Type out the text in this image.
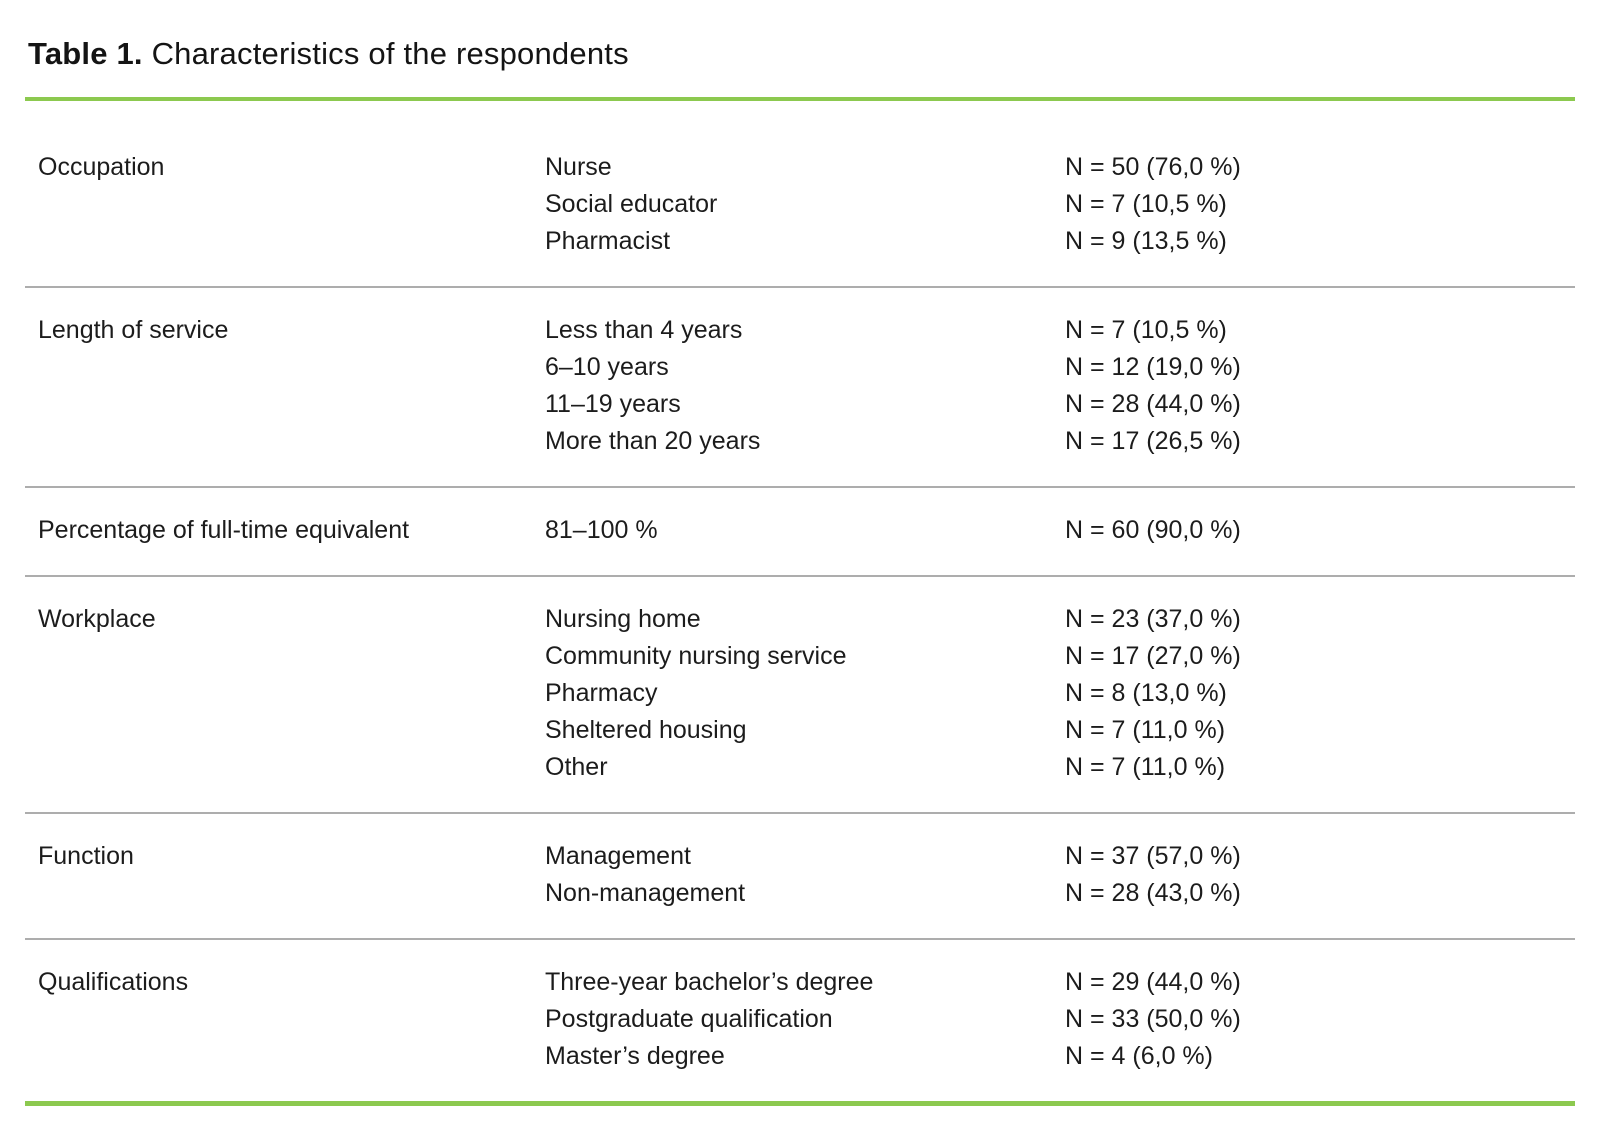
Table 1. Characteristics of the respondents
Occupation	Nurse	N = 50 (76,0 %)
Social educator	N = 7 (10,5 %)
Pharmacist	N = 9 (13,5 %)
Length of service	Less than 4 years	N = 7 (10,5 %)
6–10 years	N = 12 (19,0 %)
11–19 years	N = 28 (44,0 %)
More than 20 years	N = 17 (26,5 %)
Percentage of full-time equivalent	81–100 %	N = 60 (90,0 %)
Workplace	Nursing home	N = 23 (37,0 %)
Community nursing service	N = 17 (27,0 %)
Pharmacy	N = 8 (13,0 %)
Sheltered housing	N = 7 (11,0 %)
Other	N = 7 (11,0 %)
Function	Management	N = 37 (57,0 %)
Non-management	N = 28 (43,0 %)
Qualifications	Three-year bachelor’s degree	N = 29 (44,0 %)
Postgraduate qualification	N = 33 (50,0 %)
Master’s degree	N = 4 (6,0 %)
